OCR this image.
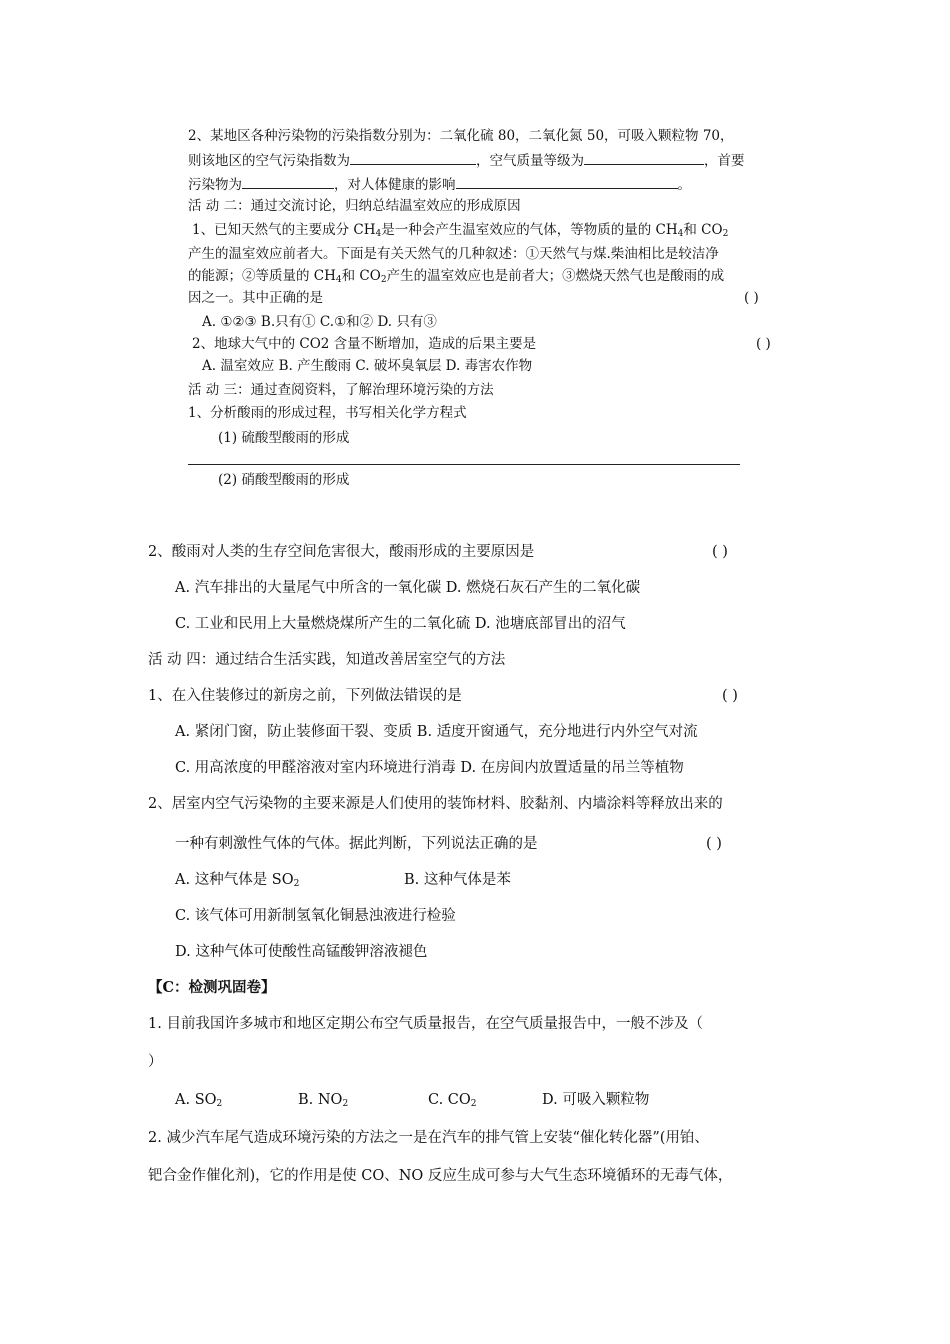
2、某地区各种污染物的污染指数分别为：二氧化硫 80，二氧化氮 50，可吸入颗粒物 70，
则该地区的空气污染指数为	，空气质量等级为	，首要
污染物为	，对人体健康的影响	。
活 动 二：通过交流讨论，归纳总结温室效应的形成原因
1、已知天然气的主要成分 $CH_4$是一种会产生温室效应的气体，等物质的量的 $CH_4$和 $CO_2$
产生的温室效应前者大。下面是有关天然气的几种叙述：①天然气与煤.柴油相比是较洁净
的能源；②等质量的 $CH_4$和 $CO_2$产生的温室效应也是前者大；③燃烧天然气也是酸雨的成
因之一。其中正确的是	( )
A. ①②③ B.只有① C.①和② D. 只有③
2、地球大气中的 CO2 含量不断增加，造成的后果主要是	( )
A. 温室效应 B. 产生酸雨 C. 破坏臭氧层 D. 毒害农作物
活 动 三：通过查阅资料，了解治理环境污染的方法
1、分析酸雨的形成过程，书写相关化学方程式
(1) 硫酸型酸雨的形成
(2) 硝酸型酸雨的形成
2、酸雨对人类的生存空间危害很大，酸雨形成的主要原因是	( )
A. 汽车排出的大量尾气中所含的一氧化碳 D. 燃烧石灰石产生的二氧化碳
C. 工业和民用上大量燃烧煤所产生的二氧化硫 D. 池塘底部冒出的沼气
活 动 四：通过结合生活实践，知道改善居室空气的方法
1、在入住装修过的新房之前，下列做法错误的是	( )
A. 紧闭门窗，防止装修面干裂、变质 B. 适度开窗通气，充分地进行内外空气对流
C. 用高浓度的甲醛溶液对室内环境进行消毒 D. 在房间内放置适量的吊兰等植物
2、居室内空气污染物的主要来源是人们使用的装饰材料、胶黏剂、内墙涂料等释放出来的
一种有刺激性气体的气体。据此判断，下列说法正确的是	( )
A. 这种气体是 $SO_2$	B. 这种气体是苯
C. 该气体可用新制氢氧化铜悬浊液进行检验
D. 这种气体可使酸性高锰酸钾溶液褪色
【C：检测巩固卷】
1. 目前我国许多城市和地区定期公布空气质量报告，在空气质量报告中，一般不涉及（
）
A. $SO_2$	B. $NO_2$	C. $CO_2$	D. 可吸入颗粒物
2. 减少汽车尾气造成环境污染的方法之一是在汽车的排气管上安装“催化转化器”(用铂、
钯合金作催化剂)，它的作用是使 CO、NO 反应生成可参与大气生态环境循环的无毒气体，
